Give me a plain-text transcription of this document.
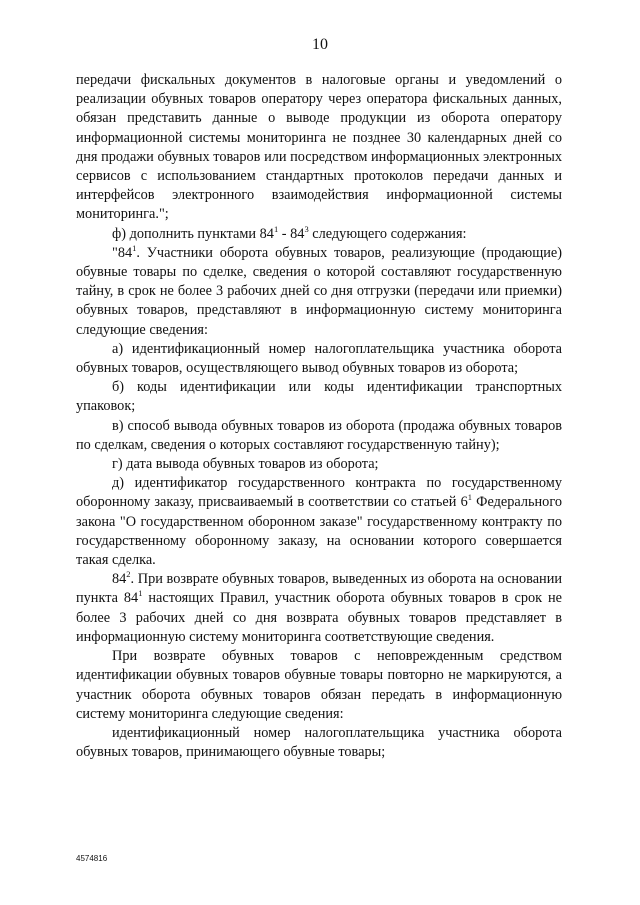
10

передачи фискальных документов в налоговые органы и уведомлений о реализации обувных товаров оператору через оператора фискальных данных, обязан представить данные о выводе продукции из оборота оператору информационной системы мониторинга не позднее 30 календарных дней со дня продажи обувных товаров или посредством информационных электронных сервисов с использованием стандартных протоколов передачи данных и интерфейсов электронного взаимодействия информационной системы мониторинга.";

ф) дополнить пунктами $84^1 - 84^3$ следующего содержания:

"$84^1$. Участники оборота обувных товаров, реализующие (продающие) обувные товары по сделке, сведения о которой составляют государственную тайну, в срок не более 3 рабочих дней со дня отгрузки (передачи или приемки) обувных товаров, представляют в информационную систему мониторинга следующие сведения:

а) идентификационный номер налогоплательщика участника оборота обувных товаров, осуществляющего вывод обувных товаров из оборота;

б) коды идентификации или коды идентификации транспортных упаковок;

в) способ вывода обувных товаров из оборота (продажа обувных товаров по сделкам, сведения о которых составляют государственную тайну);

г) дата вывода обувных товаров из оборота;

д) идентификатор государственного контракта по государственному оборонному заказу, присваиваемый в соответствии со статьей $6^1$ Федерального закона "О государственном оборонном заказе" государственному контракту по государственному оборонному заказу, на основании которого совершается такая сделка.

$84^2$. При возврате обувных товаров, выведенных из оборота на основании пункта $84^1$ настоящих Правил, участник оборота обувных товаров в срок не более 3 рабочих дней со дня возврата обувных товаров представляет в информационную систему мониторинга соответствующие сведения.

При возврате обувных товаров с неповрежденным средством идентификации обувных товаров обувные товары повторно не маркируются, а участник оборота обувных товаров обязан передать в информационную систему мониторинга следующие сведения:

идентификационный номер налогоплательщика участника оборота обувных товаров, принимающего обувные товары;

4574816
